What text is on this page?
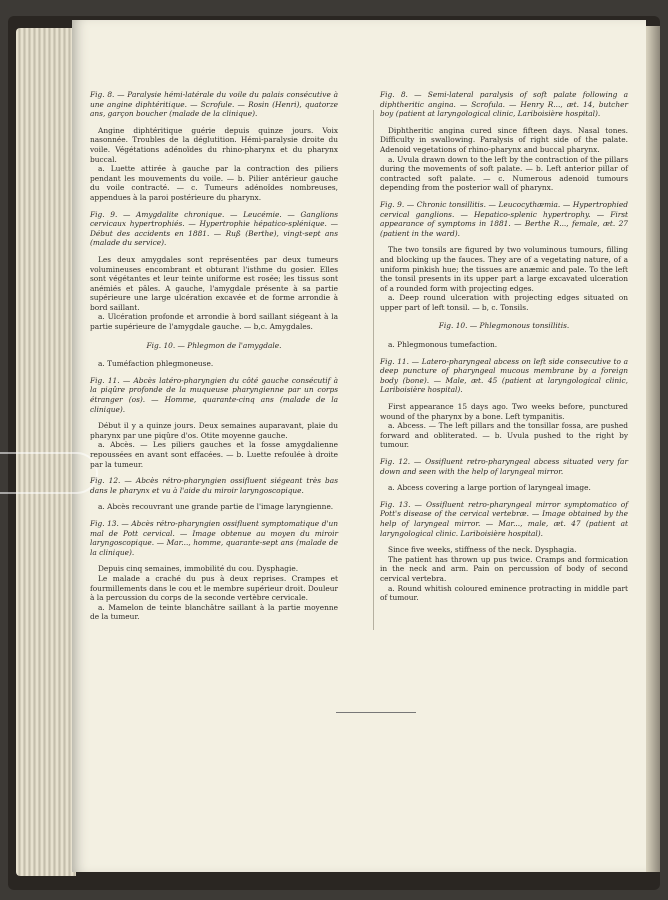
Fig. 8. — Paralysie hémi-latérale du voile du palais consécutive à une angine diphtéritique. — Scrofule. — Rosin (Henri), quatorze ans, garçon boucher (malade de la clinique).

Angine diphtéritique guérie depuis quinze jours. Voix nasonnée. Troubles de la déglutition. Hémi-paralysie droite du voile. Végétations adénoïdes du rhino-pharynx et du pharynx buccal.

a. Luette attirée à gauche par la contraction des piliers pendant les mouvements du voile. — b. Pilier antérieur gauche du voile contracté. — c. Tumeurs adénoïdes nombreuses, appendues à la paroi postérieure du pharynx.

Fig. 9. — Amygdalite chronique. — Leucémie. — Ganglions cervicaux hypertrophiés. — Hypertrophie hépatico-splénique. — Début des accidents en 1881. — Ruß (Berthe), vingt-sept ans (malade du service).

Les deux amygdales sont représentées par deux tumeurs volumineuses encombrant et obturant l'isthme du gosier. Elles sont végétantes et leur teinte uniforme est rosée; les tissus sont anémiés et pâles. A gauche, l'amygdale présente à sa partie supérieure une large ulcération excavée et de forme arrondie à bord saillant.

a. Ulcération profonde et arrondie à bord saillant siégeant à la partie supérieure de l'amygdale gauche. — b,c. Amygdales.

Fig. 10. — Phlegmon de l'amygdale.

a. Tuméfaction phlegmoneuse.

Fig. 11. — Abcès latéro-pharyngien du côté gauche consécutif à la piqûre profonde de la muqueuse pharyngienne par un corps étranger (os). — Homme, quarante-cinq ans (malade de la clinique).

Début il y a quinze jours. Deux semaines auparavant, plaie du pharynx par une piqûre d'os. Otite moyenne gauche.

a. Abcès. — Les piliers gauches et la fosse amygdalienne repoussées en avant sont effacées. — b. Luette refoulée à droite par la tumeur.

Fig. 12. — Abcès rétro-pharyngien ossifluent siégeant très bas dans le pharynx et vu à l'aide du miroir laryngoscopique.

a. Abcès recouvrant une grande partie de l'image laryngienne.

Fig. 13. — Abcès rétro-pharyngien ossifluent symptomatique d'un mal de Pott cervical. — Image obtenue au moyen du miroir laryngoscopique. — Mar..., homme, quarante-sept ans (malade de la clinique).

Depuis cinq semaines, immobilité du cou. Dysphagie.

Le malade a craché du pus à deux reprises. Crampes et fourmillements dans le cou et le membre supérieur droit. Douleur à la percussion du corps de la seconde vertèbre cervicale.

a. Mamelon de teinte blanchâtre saillant à la partie moyenne de la tumeur.

Fig. 8. — Semi-lateral paralysis of soft palate following a diphtheritic angina. — Scrofula. — Henry R..., æt. 14, butcher boy (patient at laryngological clinic, Lariboisière hospital).

Diphtheritic angina cured since fifteen days. Nasal tones. Difficulty in swallowing. Paralysis of right side of the palate. Adenoid vegetations of rhino-pharynx and buccal pharynx.

a. Uvula drawn down to the left by the contraction of the pillars during the movements of soft palate. — b. Left anterior pillar of contracted soft palate. — c. Numerous adenoid tumours depending from the posterior wall of pharynx.

Fig. 9. — Chronic tonsillitis. — Leucocythæmia. — Hypertrophied cervical ganglions. — Hepatico-splenic hypertrophy. — First appearance of symptoms in 1881. — Berthe R..., female, æt. 27 (patient in the ward).

The two tonsils are figured by two voluminous tumours, filling and blocking up the fauces. They are of a vegetating nature, of a uniform pinkish hue; the tissues are anæmic and pale. To the left the tonsil presents in its upper part a large excavated ulceration of a rounded form with projecting edges.

a. Deep round ulceration with projecting edges situated on upper part of left tonsil. — b, c. Tonsils.

Fig. 10. — Phlegmonous tonsillitis.

a. Phlegmonous tumefaction.

Fig. 11. — Latero-pharyngeal abcess on left side consecutive to a deep puncture of pharyngeal mucous membrane by a foreign body (bone). — Male, æt. 45 (patient at laryngological clinic, Lariboisière hospital).

First appearance 15 days ago. Two weeks before, punctured wound of the pharynx by a bone. Left tympanitis.

a. Abcess. — The left pillars and the tonsillar fossa, are pushed forward and obliterated. — b. Uvula pushed to the right by tumour.

Fig. 12. — Ossifluent retro-pharyngeal abcess situated very far down and seen with the help of laryngeal mirror.

a. Abcess covering a large portion of laryngeal image.

Fig. 13. — Ossifluent retro-pharyngeal mirror symptomatico of Pott's disease of the cervical vertebræ. — Image obtained by the help of laryngeal mirror. — Mar..., male, æt. 47 (patient at laryngological clinic. Lariboisière hospital).

Since five weeks, stiffness of the neck. Dysphagia.

The patient has thrown up pus twice. Cramps and formication in the neck and arm. Pain on percussion of body of second cervical vertebra.

a. Round whitish coloured eminence protracting in middle part of tumour.
